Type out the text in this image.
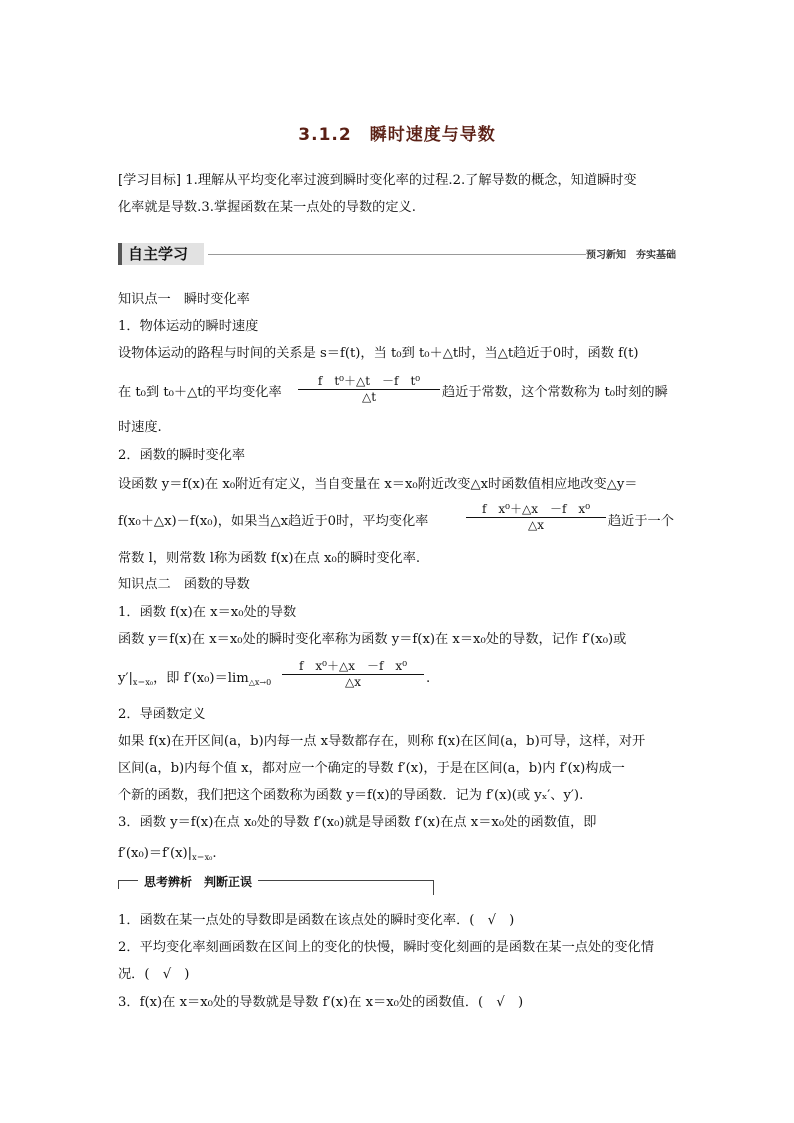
3.1.2　瞬时速度与导数
[学习目标] 1.理解从平均变化率过渡到瞬时变化率的过程.2.了解导数的概念，知道瞬时变
化率就是导数.3.掌握函数在某一点处的导数的定义.
自主学习	预习新知　夯实基础
知识点一　瞬时变化率
1．物体运动的瞬时速度
设物体运动的路程与时间的关系是 s＝f(t)，当 t₀到 t₀＋△t时，当△t趋近于0时，函数 f(t)
在 t₀到 t₀＋△t的平均变化率 $\frac{\text{f　t⁰＋△t　－f　t⁰}}{\triangle t}$ 趋近于常数，这个常数称为 t₀时刻的瞬
时速度.
2．函数的瞬时变化率
设函数 y＝f(x)在 x₀附近有定义，当自变量在 x＝x₀附近改变△x时函数值相应地改变△y＝
f(x₀＋△x)－f(x₀)，如果当△x趋近于0时，平均变化率	$\frac{\text{f　x⁰＋△x　－f　x⁰}}{\triangle x}$ 趋近于一个
常数 l，则常数 l称为函数 f(x)在点 x₀的瞬时变化率.
知识点二　函数的导数
1．函数 f(x)在 x＝x₀处的导数
函数 y＝f(x)在 x＝x₀处的瞬时变化率称为函数 y＝f(x)在 x＝x₀处的导数，记作 f′(x₀)或
$y'|_{x=x_0}$，即 $f'(x_0)=\lim_{\triangle x\to 0} \frac{\text{f　x⁰＋△x　－f　x⁰}}{\triangle x}$ .
2．导函数定义
如果 f(x)在开区间(a，b)内每一点 x导数都存在，则称 f(x)在区间(a，b)可导，这样，对开
区间(a，b)内每个值 x，都对应一个确定的导数 f′(x)，于是在区间(a，b)内 f′(x)构成一
个新的函数，我们把这个函数称为函数 y＝f(x)的导函数．记为 f′(x)(或 yₓ′、y′).
3．函数 y＝f(x)在点 x₀处的导数 f′(x₀)就是导函数 f′(x)在点 x＝x₀处的函数值，即
$f'(x_0)=f'(x)|_{x=x_0}$.
思考辨析　判断正误
1．函数在某一点处的导数即是函数在该点处的瞬时变化率．(　√　)
2．平均变化率刻画函数在区间上的变化的快慢，瞬时变化刻画的是函数在某一点处的变化情
况．(　√　)
3．f(x)在 x＝x₀处的导数就是导数 f′(x)在 x＝x₀处的函数值．(　√　)
